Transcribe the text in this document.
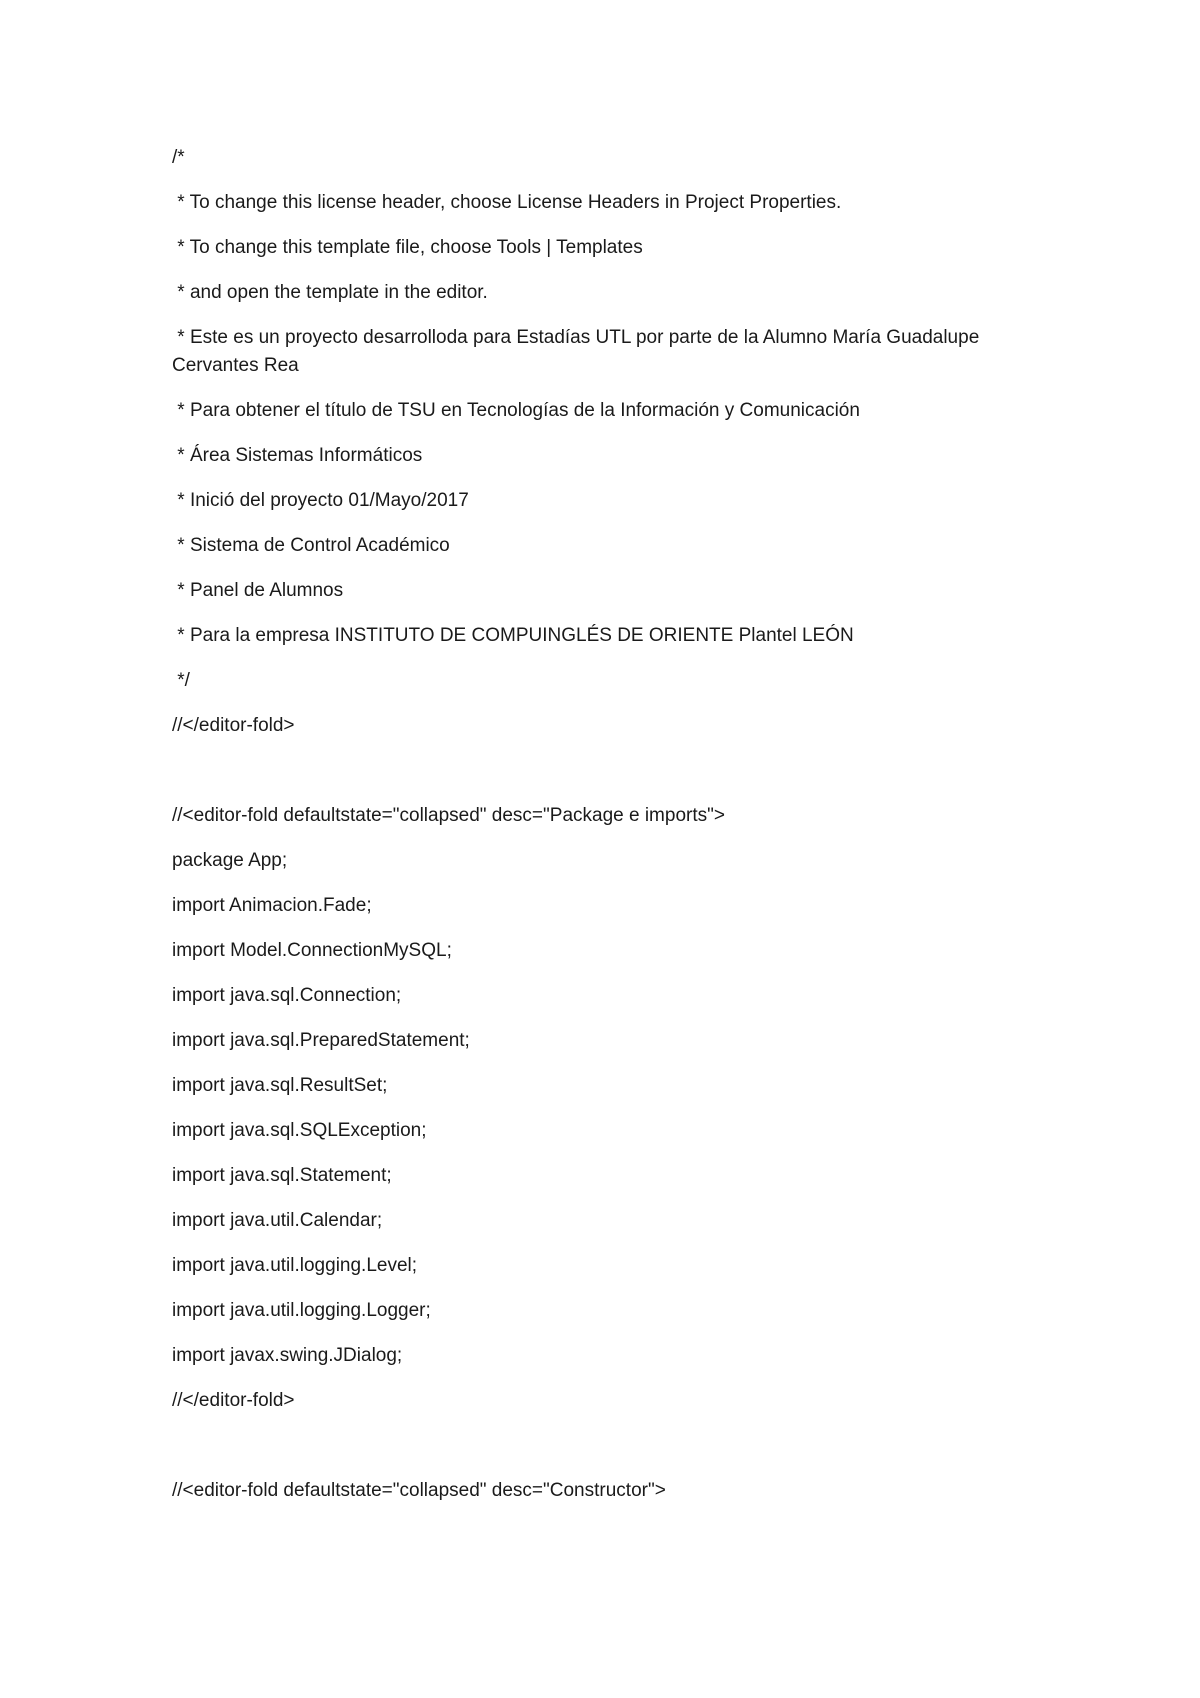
/*

* To change this license header, choose License Headers in Project Properties.

* To change this template file, choose Tools | Templates

* and open the template in the editor.

* Este es un proyecto desarrolloda para Estadías UTL por parte de la Alumno María Guadalupe Cervantes Rea

* Para obtener el título de TSU en Tecnologías de la Información y Comunicación

* Área Sistemas Informáticos

* Inició del proyecto 01/Mayo/2017

* Sistema de Control Académico

* Panel de Alumnos

* Para la empresa INSTITUTO DE COMPUINGLÉS DE ORIENTE Plantel LEÓN

*/

//</editor-fold>

//<editor-fold defaultstate="collapsed" desc="Package e imports">

package App;

import Animacion.Fade;

import Model.ConnectionMySQL;

import java.sql.Connection;

import java.sql.PreparedStatement;

import java.sql.ResultSet;

import java.sql.SQLException;

import java.sql.Statement;

import java.util.Calendar;

import java.util.logging.Level;

import java.util.logging.Logger;

import javax.swing.JDialog;

//</editor-fold>

//<editor-fold defaultstate="collapsed" desc="Constructor">
